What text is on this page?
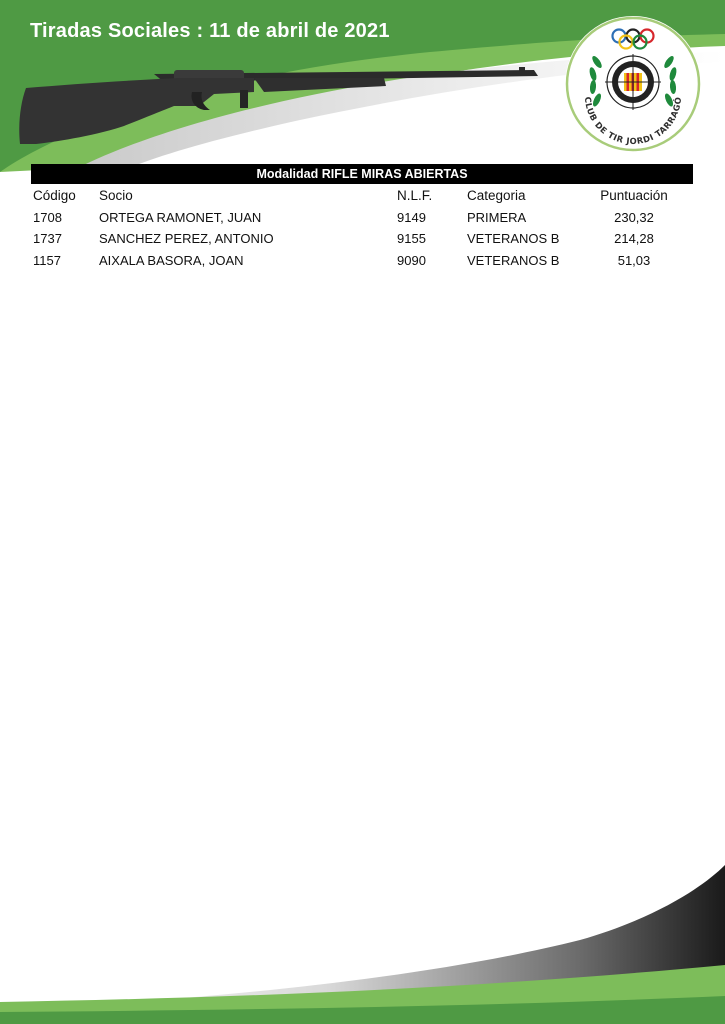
Tiradas Sociales : 11 de abril de 2021
CLUB DE TIR JORDI TARRAGÓ
Modalidad RIFLE MIRAS ABIERTAS
Código Socio	N.L.F.	Categoria	Puntuación
1708	ORTEGA RAMONET, JUAN	9149	PRIMERA	230,32
1737	SANCHEZ PEREZ, ANTONIO	9155	VETERANOS B	214,28
1157	AIXALA BASORA, JOAN	9090	VETERANOS B	51,03
